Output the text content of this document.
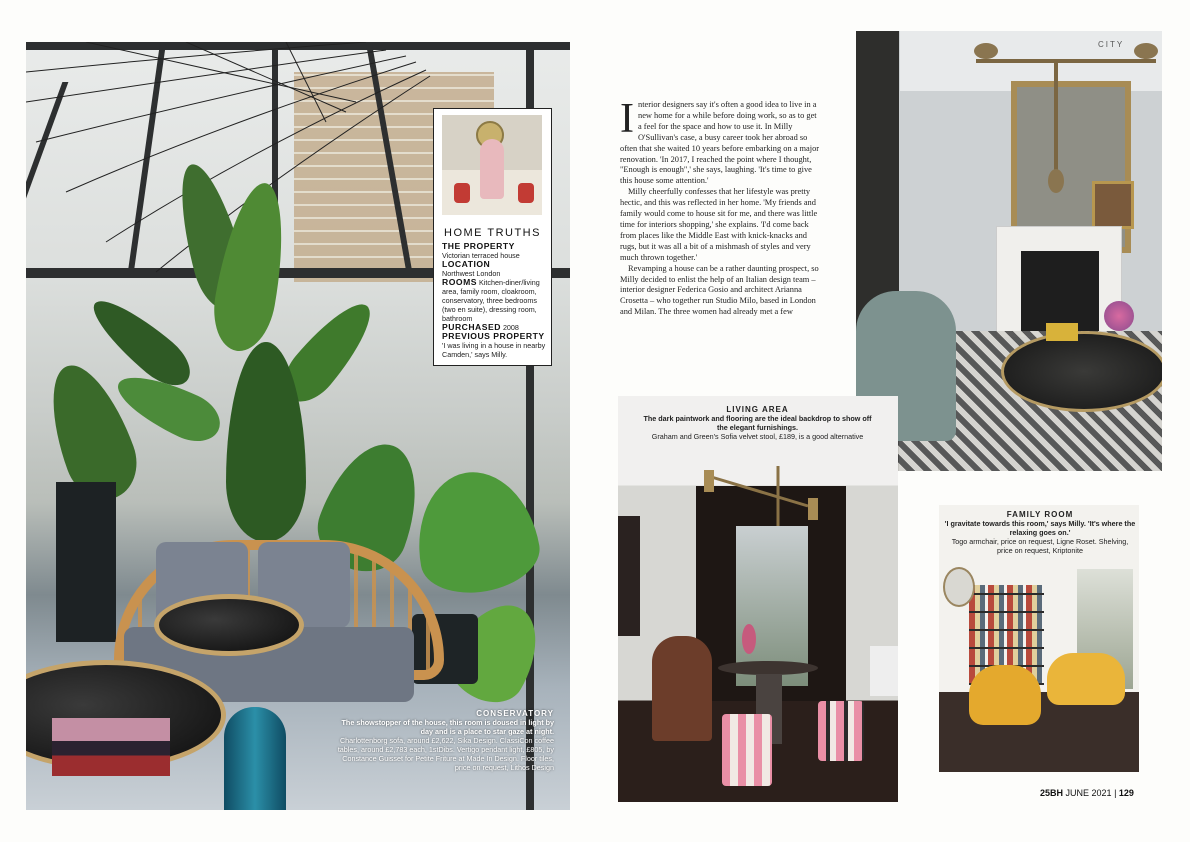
HOME TRUTHS
THE PROPERTY
Victorian terraced house
LOCATION
Northwest London
ROOMS Kitchen-diner/living area, family room, cloakroom, conservatory, three bedrooms (two en suite), dressing room, bathroom
PURCHASED 2008
PREVIOUS PROPERTY
'I was living in a house in nearby Camden,' says Milly.
CONSERVATORY
The showstopper of the house, this room is doused in light by day and is a place to star gaze at night.
Charlottenborg sofa, around £2,622, Sika Design. ClassiCon coffee tables, around £2,783 each, 1stDibs. Vertigo pendant light, £805, by Constance Guisset for Petite Friture at Made In Design. Floor tiles, price on request, Lithos Design

Interior designers say it's often a good idea to live in a new home for a while before doing work, so as to get a feel for the space and how to use it. In Milly O'Sullivan's case, a busy career took her abroad so often that she waited 10 years before embarking on a major renovation. 'In 2017, I reached the point where I thought, "Enough is enough",' she says, laughing. 'It's time to give this house some attention.'

Milly cheerfully confesses that her lifestyle was pretty hectic, and this was reflected in her home. 'My friends and family would come to house sit for me, and there was little time for interiors shopping,' she explains. 'I'd come back from places like the Middle East with knick-knacks and rugs, but it was all a bit of a mishmash of styles and very much thrown together.'

Revamping a house can be a rather daunting prospect, so Milly decided to enlist the help of an Italian design team – interior designer Federica Gosio and architect Arianna Crosetta – who together run Studio Milo, based in London and Milan. The three women had already met a few

CITY
LIVING AREA
The dark paintwork and flooring are the ideal backdrop to show off the elegant furnishings.
Graham and Green's Sofia velvet stool, £189, is a good alternative
FAMILY ROOM
'I gravitate towards this room,' says Milly. 'It's where the relaxing goes on.'
Togo armchair, price on request, Ligne Roset. Shelving, price on request, Kriptonite
25BH JUNE 2021 | 129
